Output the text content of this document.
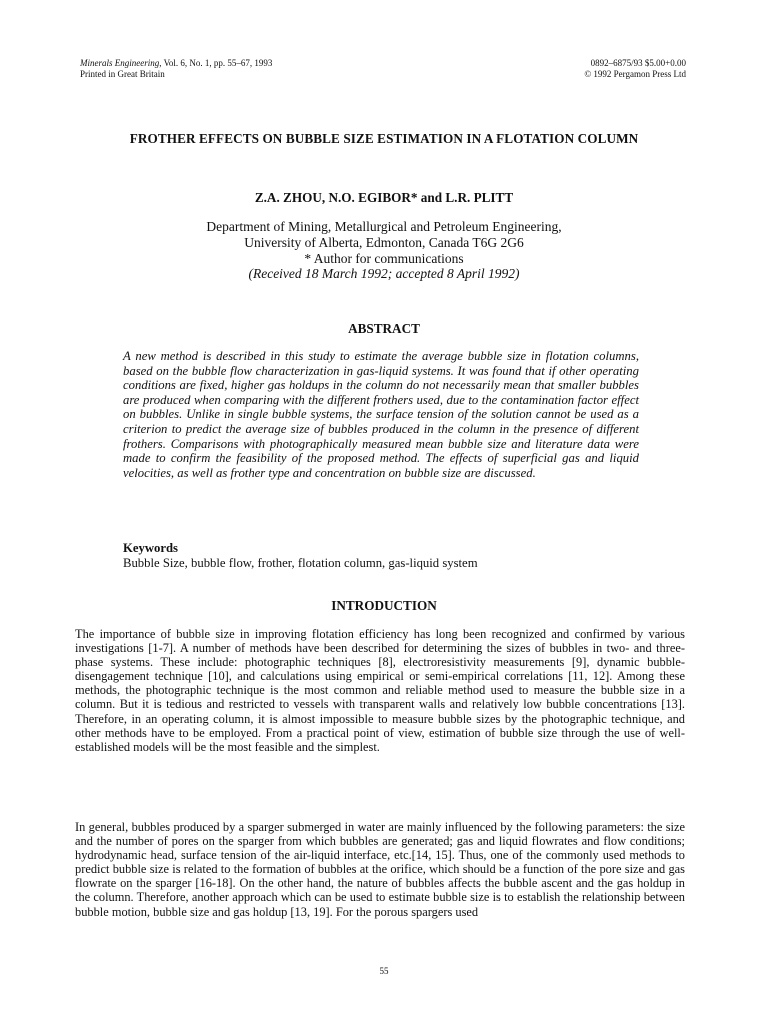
Minerals Engineering, Vol. 6, No. 1, pp. 55–67, 1993
Printed in Great Britain
0892–6875/93 $5.00+0.00
© 1992 Pergamon Press Ltd
FROTHER EFFECTS ON BUBBLE SIZE ESTIMATION IN A FLOTATION COLUMN
Z.A. ZHOU, N.O. EGIBOR* and L.R. PLITT
Department of Mining, Metallurgical and Petroleum Engineering,
University of Alberta, Edmonton, Canada T6G 2G6
* Author for communications
(Received 18 March 1992; accepted 8 April 1992)
ABSTRACT
A new method is described in this study to estimate the average bubble size in flotation columns, based on the bubble flow characterization in gas-liquid systems. It was found that if other operating conditions are fixed, higher gas holdups in the column do not necessarily mean that smaller bubbles are produced when comparing with the different frothers used, due to the contamination factor effect on bubbles. Unlike in single bubble systems, the surface tension of the solution cannot be used as a criterion to predict the average size of bubbles produced in the column in the presence of different frothers. Comparisons with photographically measured mean bubble size and literature data were made to confirm the feasibility of the proposed method. The effects of superficial gas and liquid velocities, as well as frother type and concentration on bubble size are discussed.
Keywords
Bubble Size, bubble flow, frother, flotation column, gas-liquid system
INTRODUCTION
The importance of bubble size in improving flotation efficiency has long been recognized and confirmed by various investigations [1-7]. A number of methods have been described for determining the sizes of bubbles in two- and three-phase systems. These include: photographic techniques [8], electroresistivity measurements [9], dynamic bubble-disengagement technique [10], and calculations using empirical or semi-empirical correlations [11, 12]. Among these methods, the photographic technique is the most common and reliable method used to measure the bubble size in a column. But it is tedious and restricted to vessels with transparent walls and relatively low bubble concentrations [13]. Therefore, in an operating column, it is almost impossible to measure bubble sizes by the photographic technique, and other methods have to be employed. From a practical point of view, estimation of bubble size through the use of well-established models will be the most feasible and the simplest.
In general, bubbles produced by a sparger submerged in water are mainly influenced by the following parameters: the size and the number of pores on the sparger from which bubbles are generated; gas and liquid flowrates and flow conditions; hydrodynamic head, surface tension of the air-liquid interface, etc.[14, 15]. Thus, one of the commonly used methods to predict bubble size is related to the formation of bubbles at the orifice, which should be a function of the pore size and gas flowrate on the sparger [16-18]. On the other hand, the nature of bubbles affects the bubble ascent and the gas holdup in the column. Therefore, another approach which can be used to estimate bubble size is to establish the relationship between bubble motion, bubble size and gas holdup [13, 19]. For the porous spargers used
55
